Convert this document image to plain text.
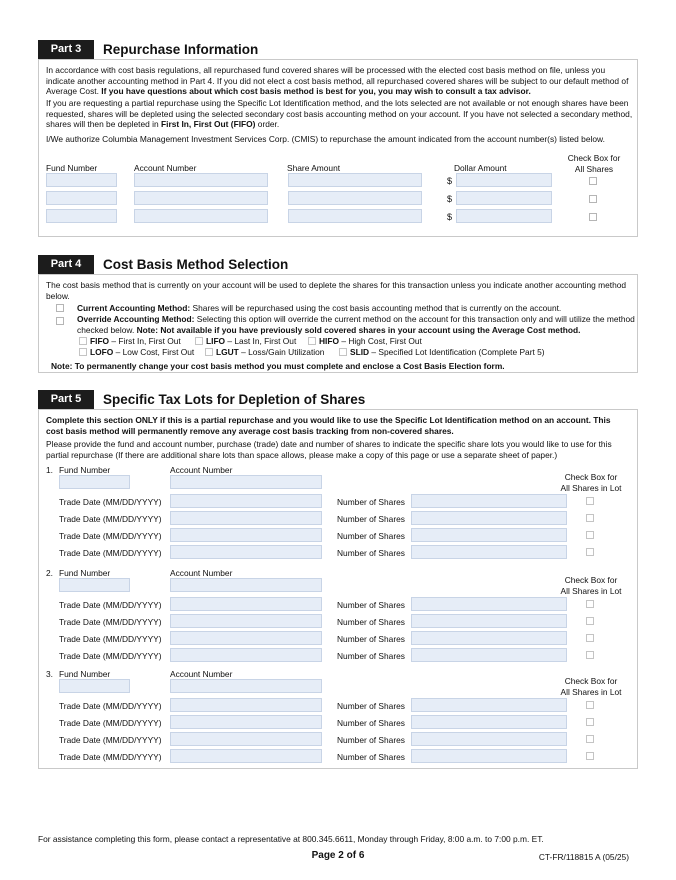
Part 3	Repurchase Information
In accordance with cost basis regulations, all repurchased fund covered shares will be processed with the elected cost basis method on file, unless you indicate another accounting method in Part 4. If you did not elect a cost basis method, all repurchased covered shares will be subject to our default method of Average Cost. If you have questions about which cost basis method is best for you, you may wish to consult a tax advisor.
If you are requesting a partial repurchase using the Specific Lot Identification method, and the lots selected are not available or not enough shares have been requested, shares will be depleted using the selected secondary cost basis accounting method on your account. If you have not selected a secondary method, shares will then be depleted in First In, First Out (FIFO) order.
I/We authorize Columbia Management Investment Services Corp. (CMIS) to repurchase the amount indicated from the account number(s) listed below.
Fund Number	Account Number	Share Amount	Dollar Amount
Check Box for
All Shares
$
$
$
Part 4	Cost Basis Method Selection
The cost basis method that is currently on your account will be used to deplete the shares for this transaction unless you indicate another accounting method below.
Current Accounting Method: Shares will be repurchased using the cost basis accounting method that is currently on the account.
Override Accounting Method: Selecting this option will override the current method on the account for this transaction only and will utilize the method checked below. Note: Not available if you have previously sold covered shares in your account using the Average Cost method.
FIFO – First In, First Out	LIFO – Last In, First Out	HIFO – High Cost, First Out
LOFO – Low Cost, First Out	LGUT – Loss/Gain Utilization	SLID – Specified Lot Identification (Complete Part 5)
Note: To permanently change your cost basis method you must complete and enclose a Cost Basis Election form.
Part 5	Specific Tax Lots for Depletion of Shares
Complete this section ONLY if this is a partial repurchase and you would like to use the Specific Lot Identification method on an account. This cost basis method will permanently remove any average cost basis tracking from non-covered shares.
Please provide the fund and account number, purchase (trade) date and number of shares to indicate the specific share lots you would like to use for this partial repurchase (If there are additional share lots than space allows, please make a copy of this page or use a separate sheet of paper.)
1. Fund Number	Account Number
Check Box for
All Shares in Lot
Trade Date (MM/DD/YYYY)	Number of Shares
Trade Date (MM/DD/YYYY)	Number of Shares
Trade Date (MM/DD/YYYY)	Number of Shares
Trade Date (MM/DD/YYYY)	Number of Shares
2. Fund Number	Account Number
Check Box for
All Shares in Lot
Trade Date (MM/DD/YYYY)	Number of Shares
Trade Date (MM/DD/YYYY)	Number of Shares
Trade Date (MM/DD/YYYY)	Number of Shares
Trade Date (MM/DD/YYYY)	Number of Shares
3. Fund Number	Account Number
Check Box for
All Shares in Lot
Trade Date (MM/DD/YYYY)	Number of Shares
Trade Date (MM/DD/YYYY)	Number of Shares
Trade Date (MM/DD/YYYY)	Number of Shares
Trade Date (MM/DD/YYYY)	Number of Shares
For assistance completing this form, please contact a representative at 800.345.6611, Monday through Friday, 8:00 a.m. to 7:00 p.m. ET.
Page 2 of 6	CT-FR/118815 A (05/25)
